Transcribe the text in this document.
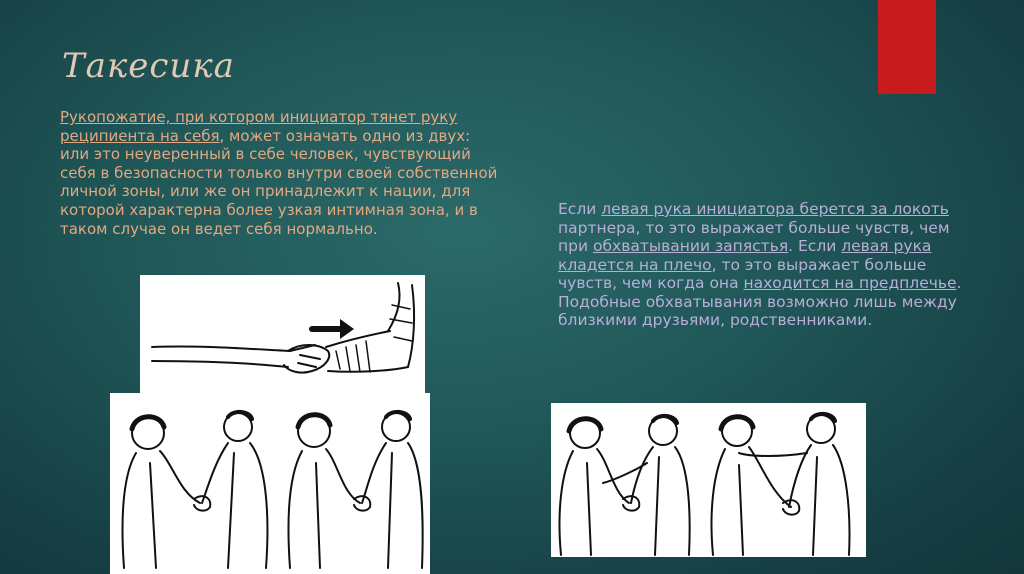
Такесика
Рукопожатие, при котором инициатор тянет руку реципиента на себя, может означать одно из двух: или это неуверенный в себе человек, чувствующий себя в безопасности только внутри своей собственной личной зоны, или же он принадлежит к нации, для которой характерна более узкая интимная зона, и в таком случае он ведет себя нормально.
Если левая рука инициатора берется за локоть партнера, то это выражает больше чувств, чем при обхватывании запястья. Если левая рука кладется на плечо, то это выражает больше чувств, чем когда она находится на предплечье.
Подобные обхватывания возможно лишь между близкими друзьями, родственниками.
